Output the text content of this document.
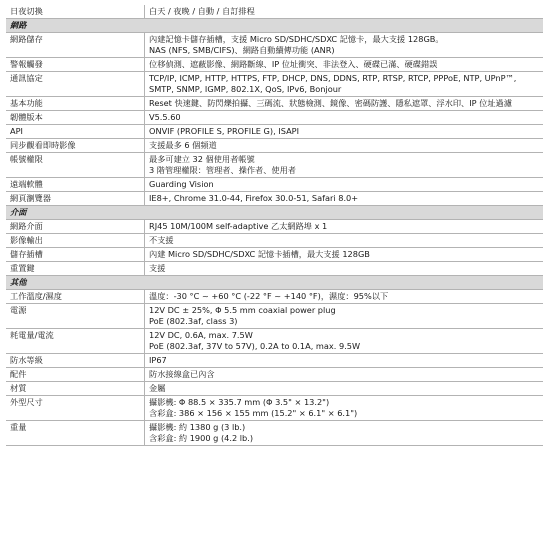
日夜切換	白天 / 夜晚 / 自動 / 自訂排程

網路	
網路儲存	內建記憶卡儲存插槽，支援 Micro SD/SDHC/SDXC 記憶卡，最大支援 128GB。
NAS (NFS, SMB/CIFS)、網路自動續傳功能 (ANR)

警報觸發	位移偵測、遮蔽影像、網路斷線、IP 位址衝突、非法登入、硬碟已滿、硬碟錯誤

通訊協定	TCP/IP, ICMP, HTTP, HTTPS, FTP, DHCP, DNS, DDNS, RTP, RTSP, RTCP, PPPoE, NTP, UPnP™, SMTP, SNMP, IGMP, 802.1X, QoS, IPv6, Bonjour

基本功能	Reset 快速鍵、防閃爍拍攝、三碼流、狀態檢測、鏡像、密碼防護、隱私遮罩、浮水印、IP 位址過濾

韌體版本	V5.5.60

API	ONVIF (PROFILE S, PROFILE G), ISAPI

同步觀看即時影像	支援最多 6 個頻道

帳號權限	最多可建立 32 個使用者帳號
3 階管理權限：管理者、操作者、使用者

遠端軟體	Guarding Vision

網頁瀏覽器	IE8+, Chrome 31.0-44, Firefox 30.0-51, Safari 8.0+

介面	
網路介面	RJ45 10M/100M self-adaptive 乙太網路埠 x 1

影像輸出	不支援

儲存插槽	內建 Micro SD/SDHC/SDXC 記憶卡插槽，最大支援 128GB

重置鍵	支援

其他	
工作溫度/濕度	溫度：-30 °C ~ +60 °C (-22 °F ~ +140 °F)，濕度：95%以下

電源	12V DC ± 25%, Φ 5.5 mm coaxial power plug
PoE (802.3af, class 3)

耗電量/電流	12V DC, 0.6A, max. 7.5W
PoE (802.3af, 37V to 57V), 0.2A to 0.1A, max. 9.5W

防水等級	IP67

配件	防水接線盒已內含

材質	金屬

外型尺寸	攝影機: Φ 88.5 × 335.7 mm (Φ 3.5" × 13.2")
含彩盒: 386 × 156 × 155 mm (15.2" × 6.1" × 6.1")

重量	攝影機: 約 1380 g (3 lb.)
含彩盒: 約 1900 g (4.2 lb.)
